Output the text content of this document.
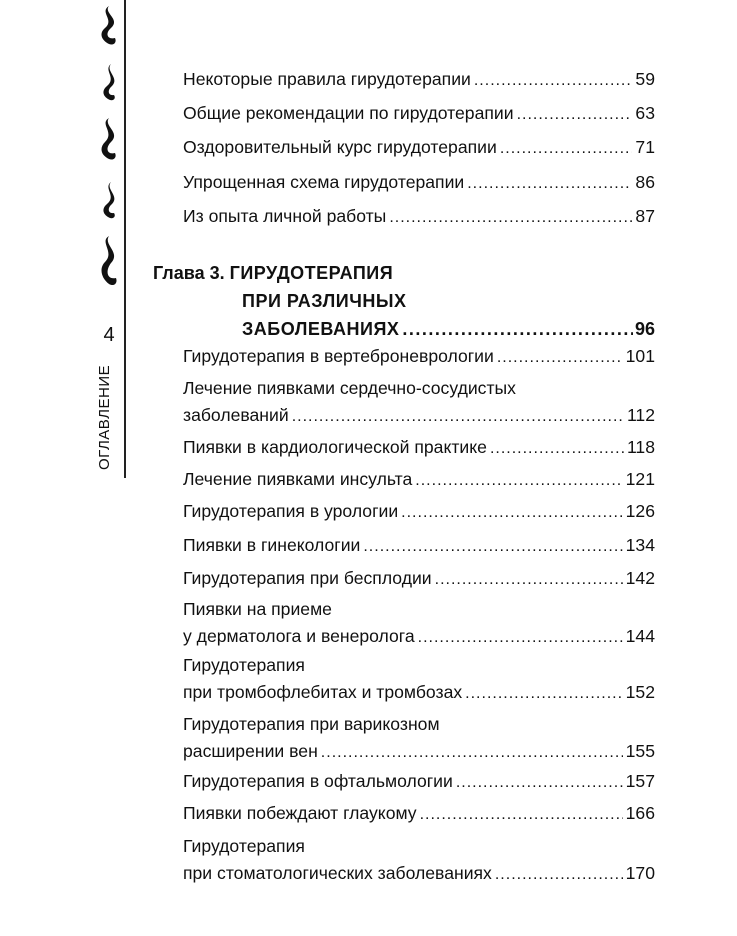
4
ОГЛАВЛЕНИЕ
Глава 3. ГИРУДОТЕРАПИЯ
ПРИ РАЗЛИЧНЫХ
ЗАБОЛЕВАНИЯХ .....	96
Некоторые правила гирудотерапии .....	59
Общие рекомендации по гирудотерапии .....	63
Оздоровительный курс гирудотерапии .....	71
Упрощенная схема гирудотерапии .....	86
Из опыта личной работы .....	87
Гирудотерапия в вертеброневрологии .....	101
Лечение пиявками сердечно-сосудистых
заболеваний .....	112
Пиявки в кардиологической практике .....	118
Лечение пиявками инсульта .....	121
Гирудотерапия в урологии .....	126
Пиявки в гинекологии .....	134
Гирудотерапия при бесплодии .....	142
Пиявки на приеме
у дерматолога и венеролога .....	144
Гирудотерапия
при тромбофлебитах и тромбозах .....	152
Гирудотерапия при варикозном
расширении вен .....	155
Гирудотерапия в офтальмологии .....	157
Пиявки побеждают глаукому .....	166
Гирудотерапия
при стоматологических заболеваниях .....	170
